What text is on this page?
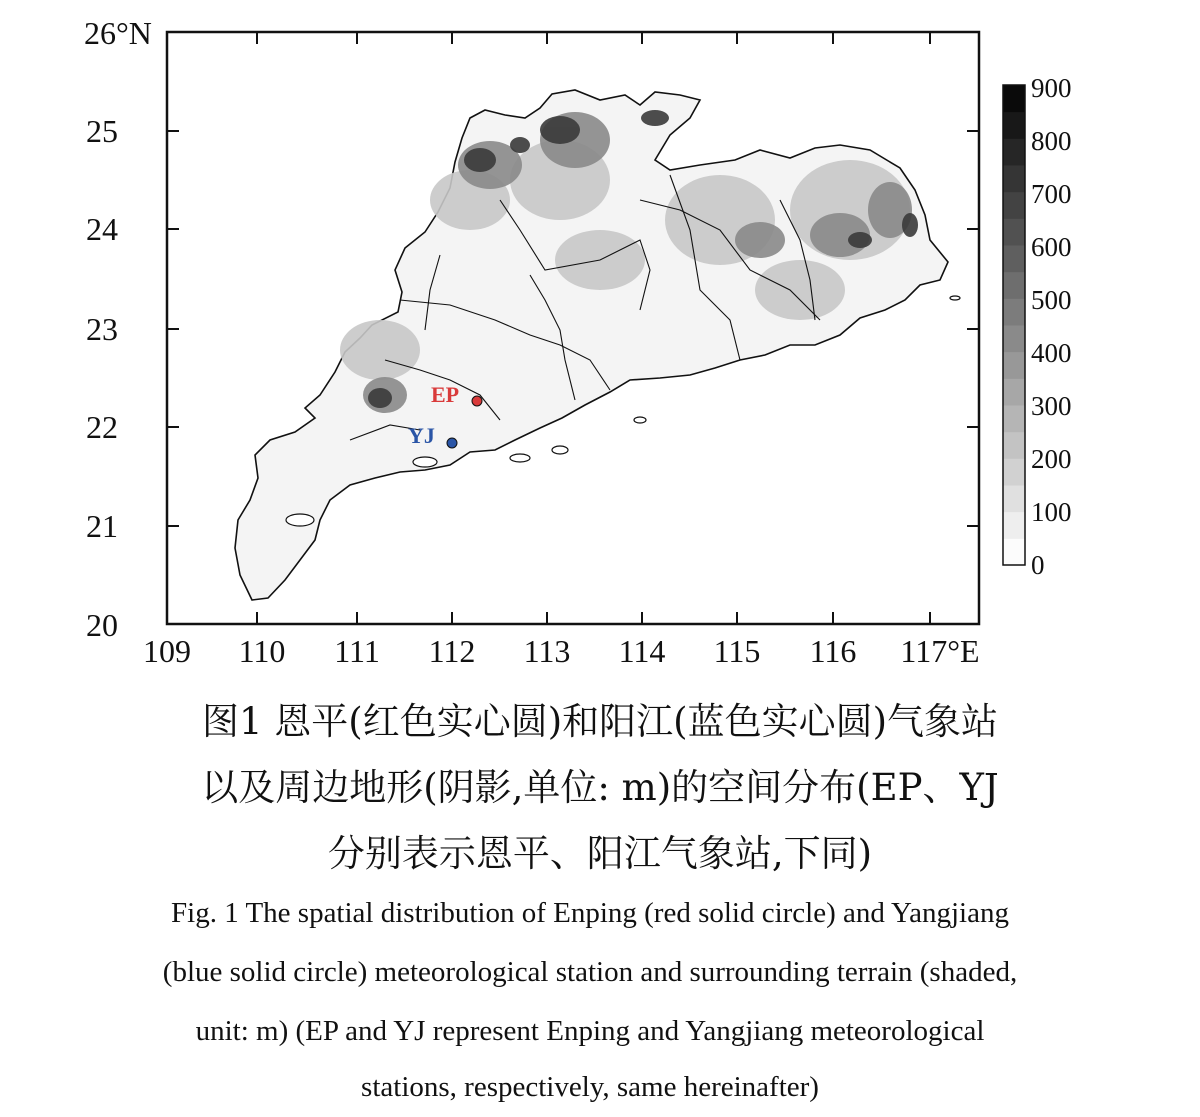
20
21
22
23
24
25
26°N
109 110 111 112 113 114 115 116 117°E
EP
YJ
0
100
200
300
400
500
600
700
800
900
图1 恩平(红色实心圆)和阳江(蓝色实心圆)气象站
以及周边地形(阴影,单位: m)的空间分布(EP、YJ
分别表示恩平、阳江气象站,下同)
Fig. 1 The spatial distribution of Enping (red solid circle) and Yangjiang
(blue solid circle) meteorological station and surrounding terrain (shaded,
unit: m) (EP and YJ represent Enping and Yangjiang meteorological
stations, respectively, same hereinafter)
